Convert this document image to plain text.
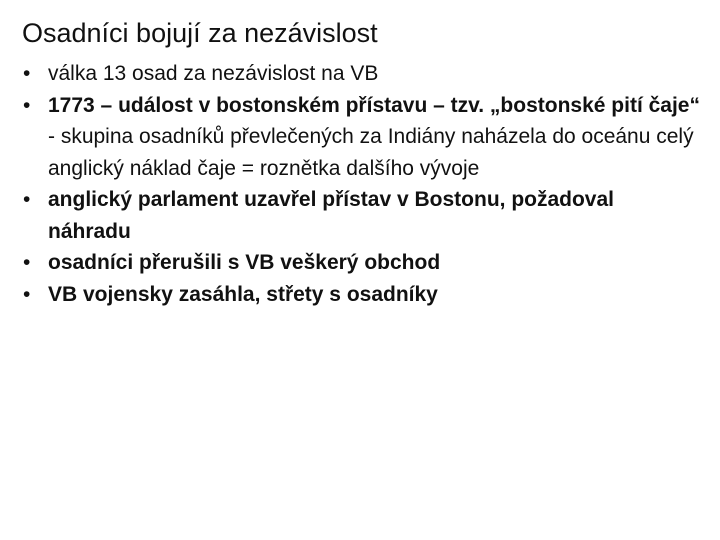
Osadníci bojují za nezávislost
• válka 13 osad za nezávislost na VB
• 1773 – událost v bostonském přístavu – tzv. „bostonské pití čaje“ - skupina osadníků převlečených za Indiány naházela do oceánu celý anglický náklad čaje = roznětka dalšího vývoje
• anglický parlament uzavřel přístav v Bostonu, požadoval náhradu
• osadníci přerušili s VB veškerý obchod
• VB vojensky zasáhla, střety s osadníky
